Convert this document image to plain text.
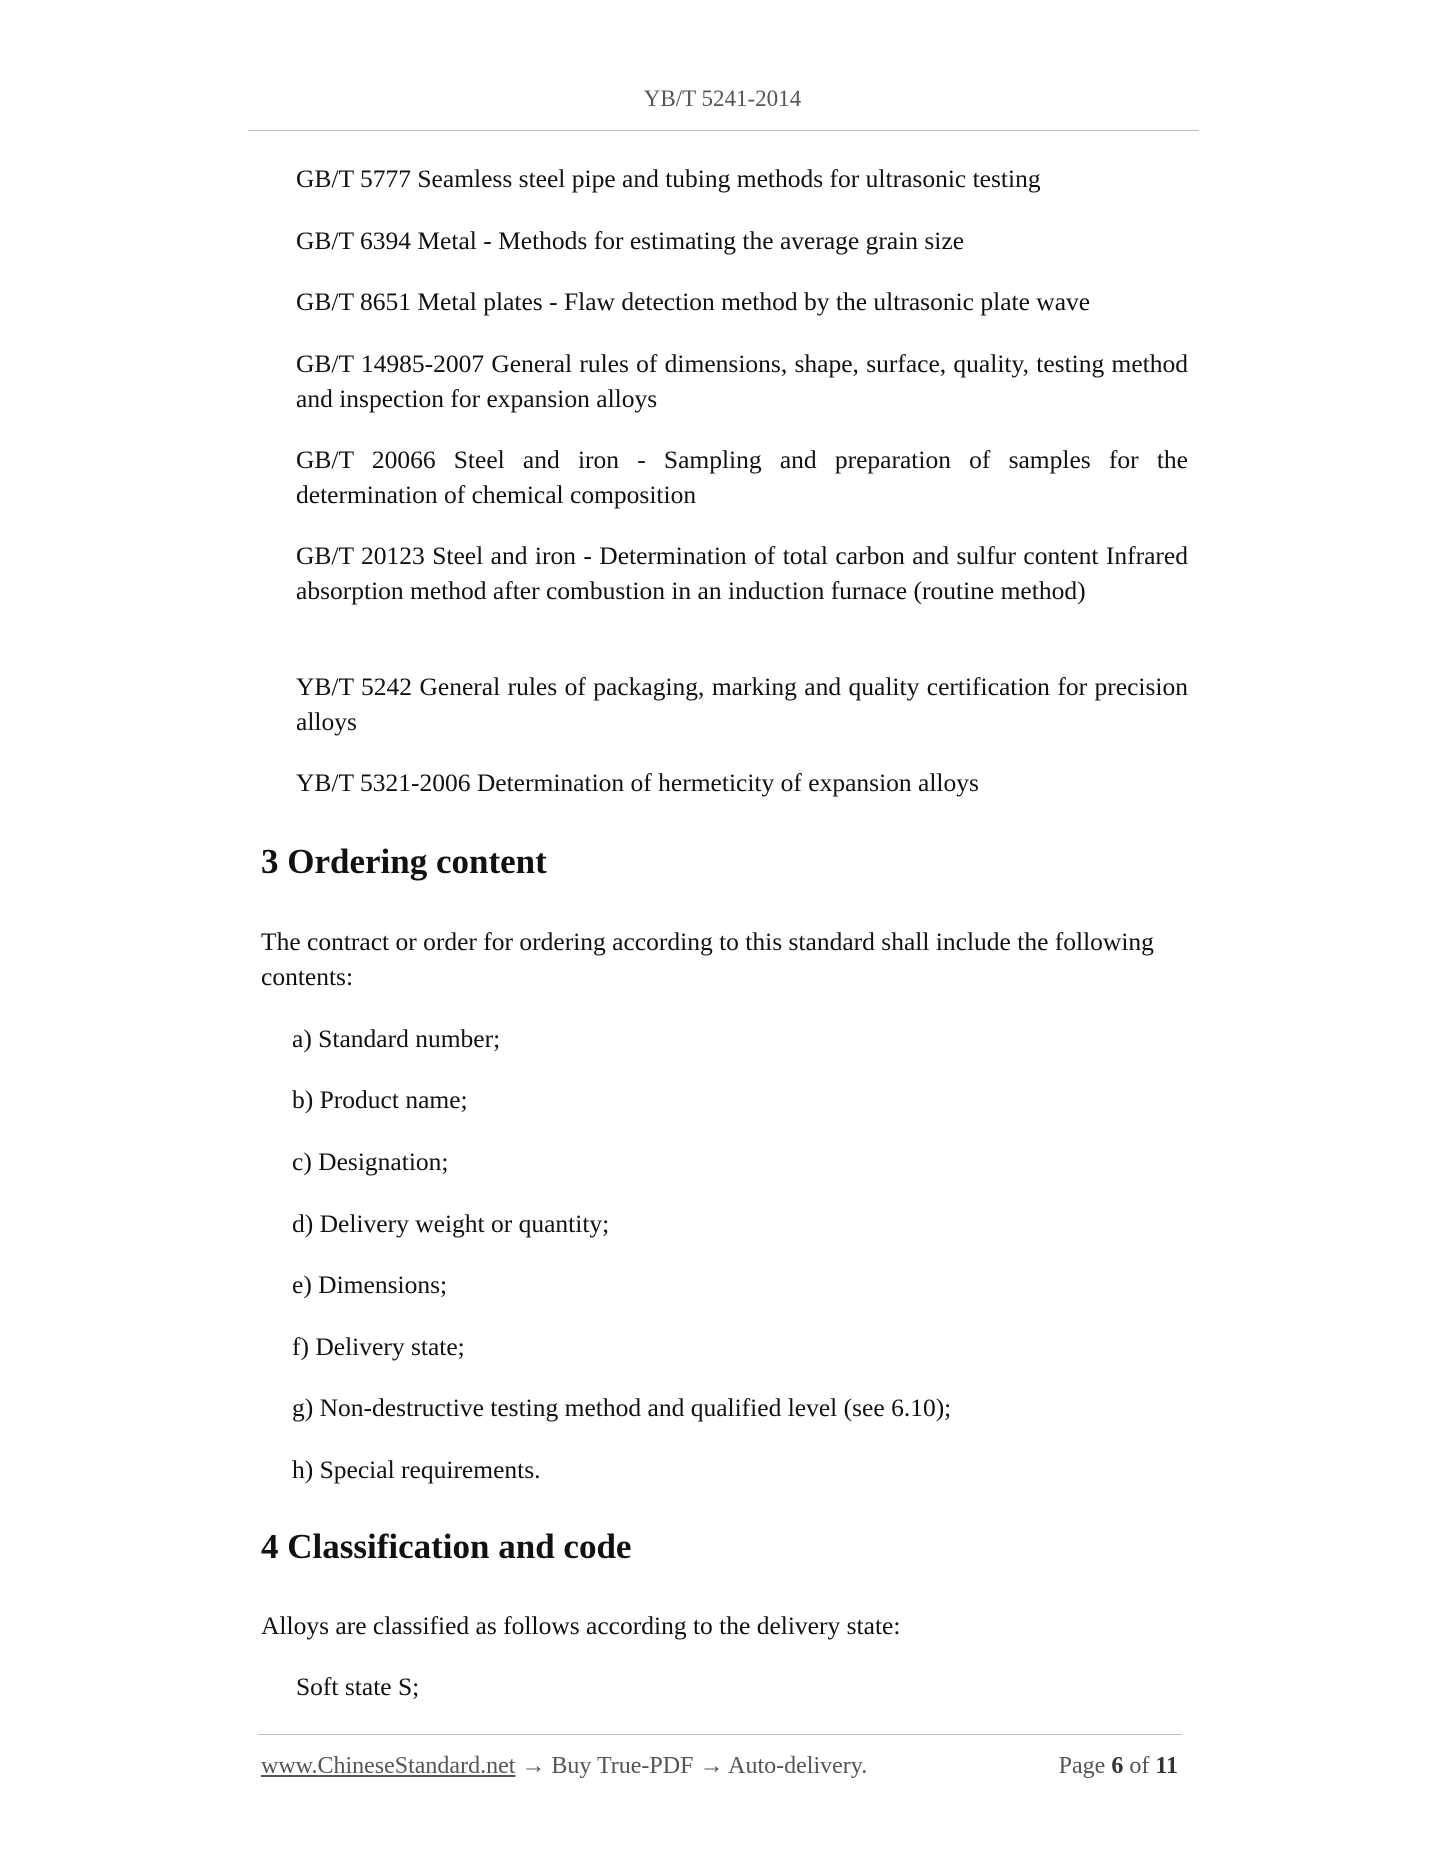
YB/T 5241-2014
GB/T 5777 Seamless steel pipe and tubing methods for ultrasonic testing
GB/T 6394 Metal - Methods for estimating the average grain size
GB/T 8651 Metal plates - Flaw detection method by the ultrasonic plate wave
GB/T 14985-2007 General rules of dimensions, shape, surface, quality, testing method and inspection for expansion alloys
GB/T 20066 Steel and iron - Sampling and preparation of samples for the determination of chemical composition
GB/T 20123 Steel and iron - Determination of total carbon and sulfur content Infrared absorption method after combustion in an induction furnace (routine method)
YB/T 5242 General rules of packaging, marking and quality certification for precision alloys
YB/T 5321-2006 Determination of hermeticity of expansion alloys
3 Ordering content
The contract or order for ordering according to this standard shall include the following contents:
a) Standard number;
b) Product name;
c) Designation;
d) Delivery weight or quantity;
e) Dimensions;
f) Delivery state;
g) Non-destructive testing method and qualified level (see 6.10);
h) Special requirements.
4 Classification and code
Alloys are classified as follows according to the delivery state:
Soft state S;
www.ChineseStandard.net → Buy True-PDF → Auto-delivery.	Page 6 of 11
